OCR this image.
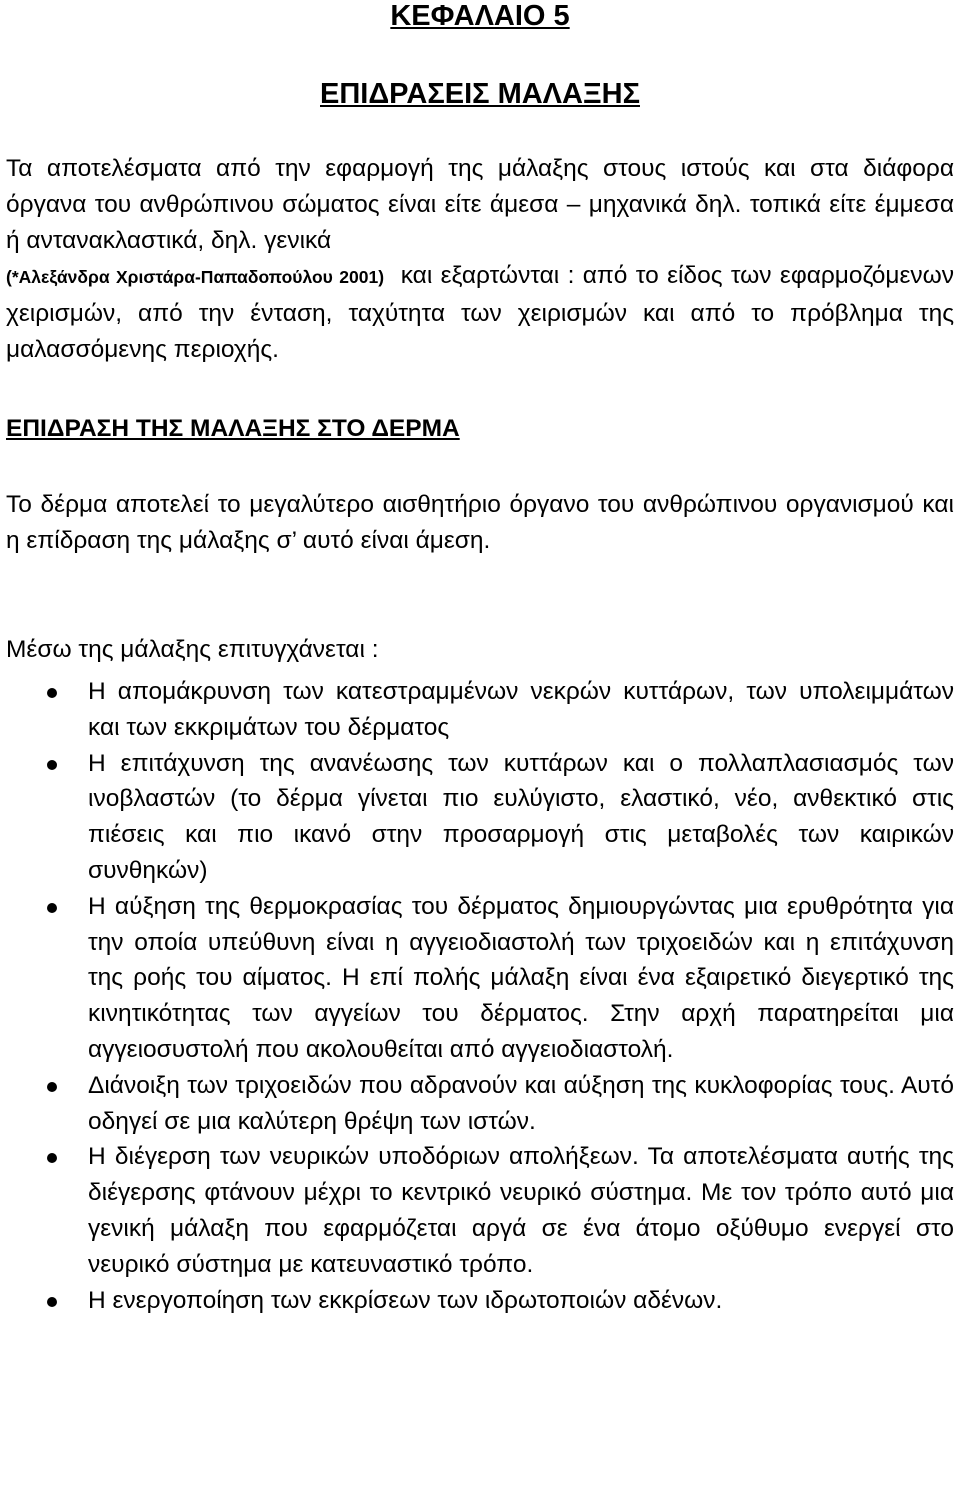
ΚΕΦΑΛΑΙΟ 5
ΕΠΙΔΡΑΣΕΙΣ ΜΑΛΑΞΗΣ

Τα αποτελέσματα από την εφαρμογή της μάλαξης στους ιστούς και στα διάφορα όργανα του ανθρώπινου σώματος είναι είτε άμεσα – μηχανικά δηλ. τοπικά είτε έμμεσα ή αντανακλαστικά, δηλ. γενικά
(*Αλεξάνδρα Χριστάρα-Παπαδοπούλου 2001) και εξαρτώνται : από το είδος των εφαρμοζόμενων χειρισμών, από την ένταση, ταχύτητα των χειρισμών και από το πρόβλημα της μαλασσόμενης περιοχής.

ΕΠΙΔΡΑΣΗ ΤΗΣ ΜΑΛΑΞΗΣ ΣΤΟ ΔΕΡΜΑ

Το δέρμα αποτελεί το μεγαλύτερο αισθητήριο όργανο του ανθρώπινου οργανισμού και η επίδραση της μάλαξης σ’ αυτό είναι άμεση.

Μέσω της μάλαξης επιτυγχάνεται :

Η απομάκρυνση των κατεστραμμένων νεκρών κυττάρων, των υπολειμμάτων και των εκκριμάτων του δέρματος
Η επιτάχυνση της ανανέωσης των κυττάρων και ο πολλαπλασιασμός των ινοβλαστών (το δέρμα γίνεται πιο ευλύγιστο, ελαστικό, νέο, ανθεκτικό στις πιέσεις και πιο ικανό στην προσαρμογή στις μεταβολές των καιρικών συνθηκών)
Η αύξηση της θερμοκρασίας του δέρματος δημιουργώντας μια ερυθρότητα για την οποία υπεύθυνη είναι η αγγειοδιαστολή των τριχοειδών και η επιτάχυνση της ροής του αίματος. Η επί πολής μάλαξη είναι ένα εξαιρετικό διεγερτικό της κινητικότητας των αγγείων του δέρματος. Στην αρχή παρατηρείται μια αγγειοσυστολή που ακολουθείται από αγγειοδιαστολή.
Διάνοιξη των τριχοειδών που αδρανούν και αύξηση της κυκλοφορίας τους. Αυτό οδηγεί σε μια καλύτερη θρέψη των ιστών.
Η διέγερση των νευρικών υποδόριων απολήξεων. Τα αποτελέσματα αυτής της διέγερσης φτάνουν μέχρι το κεντρικό νευρικό σύστημα. Με τον τρόπο αυτό μια γενική μάλαξη που εφαρμόζεται αργά σε ένα άτομο οξύθυμο ενεργεί στο νευρικό σύστημα με κατευναστικό τρόπο.
Η ενεργοποίηση των εκκρίσεων των ιδρωτοποιών αδένων.
